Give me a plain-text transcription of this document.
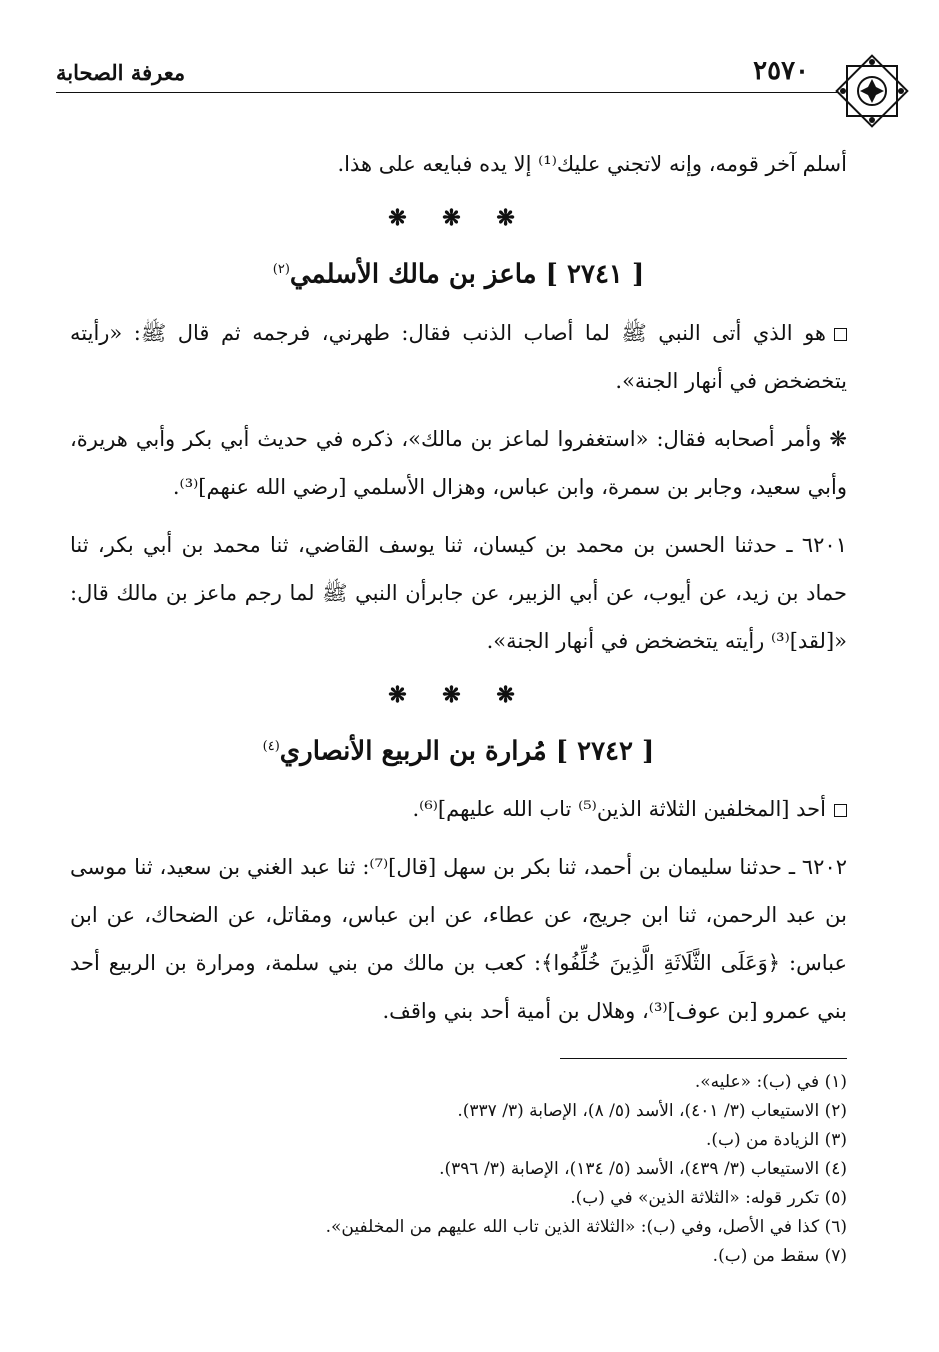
٢٥٧٠
معرفة الصحابة

أسلم آخر قومه، وإنه لاتجني عليك⁽¹⁾ إلا يده فبايعه على هذا.

❋ ❋ ❋
[ ٢٧٤١ ] ماعز بن مالك الأسلمي$^{(٢)}$

هو الذي أتى النبي ﷺ لما أصاب الذنب فقال: طهرني، فرجمه ثم قال ﷺ: «رأيته يتخضخض في أنهار الجنة».

❋ وأمر أصحابه فقال: «استغفروا لماعز بن مالك»، ذكره في حديث أبي بكر وأبي هريرة، وأبي سعيد، وجابر بن سمرة، وابن عباس، وهزال الأسلمي [رضي الله عنهم]⁽³⁾.

٦٢٠١ ـ حدثنا الحسن بن محمد بن كيسان، ثنا يوسف القاضي، ثنا محمد بن أبي بكر، ثنا حماد بن زيد، عن أيوب، عن أبي الزبير، عن جابرأن النبي ﷺ لما رجم ماعز بن مالك قال: «[لقد]⁽³⁾ رأيته يتخضخض في أنهار الجنة».

❋ ❋ ❋
[ ٢٧٤٢ ] مُرارة بن الربيع الأنصاري$^{(٤)}$

أحد [المخلفين الثلاثة الذين⁽⁵⁾ تاب الله عليهم]⁽⁶⁾.

٦٢٠٢ ـ حدثنا سليمان بن أحمد، ثنا بكر بن سهل [قال]⁽⁷⁾: ثنا عبد الغني بن سعيد، ثنا موسى بن عبد الرحمن، ثنا ابن جريج، عن عطاء، عن ابن عباس، ومقاتل، عن الضحاك، عن ابن عباس: ﴿وَعَلَى الثَّلَاثَةِ الَّذِينَ خُلِّفُوا﴾: كعب بن مالك من بني سلمة، ومرارة بن الربيع أحد بني عمرو [بن عوف]⁽³⁾، وهلال بن أمية أحد بني واقف.

(١) في (ب): «عليه».
(٢) الاستيعاب (٣/ ٤٠١)، الأسد (٥/ ٨)، الإصابة (٣/ ٣٣٧).
(٣) الزيادة من (ب).
(٤) الاستيعاب (٣/ ٤٣٩)، الأسد (٥/ ١٣٤)، الإصابة (٣/ ٣٩٦).
(٥) تكرر قوله: «الثلاثة الذين» في (ب).
(٦) كذا في الأصل، وفي (ب): «الثلاثة الذين تاب الله عليهم من المخلفين».
(٧) سقط من (ب).
